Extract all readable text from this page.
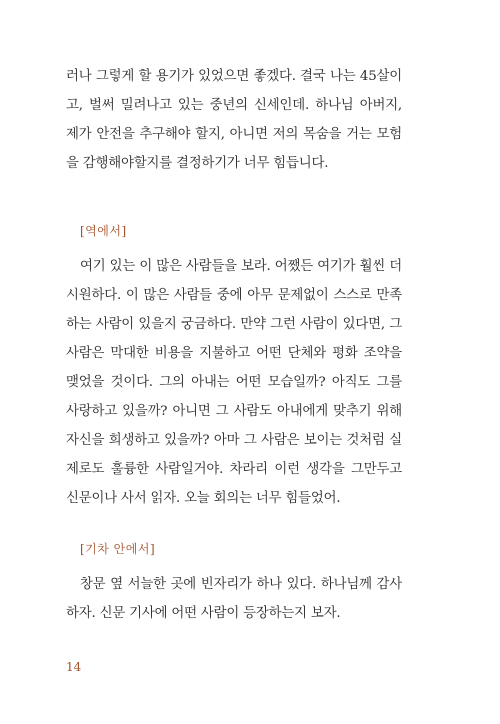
러나 그렇게 할 용기가 있었으면 좋겠다. 결국 나는 45살이고, 벌써 밀려나고 있는 중년의 신세인데. 하나님 아버지, 제가 안전을 추구해야 할지, 아니면 저의 목숨을 거는 모험을 감행해야할지를 결정하기가 너무 힘듭니다.

[역에서]

여기 있는 이 많은 사람들을 보라. 어쨌든 여기가 훨씬 더 시원하다. 이 많은 사람들 중에 아무 문제없이 스스로 만족하는 사람이 있을지 궁금하다. 만약 그런 사람이 있다면, 그 사람은 막대한 비용을 지불하고 어떤 단체와 평화 조약을 맺었을 것이다. 그의 아내는 어떤 모습일까? 아직도 그를 사랑하고 있을까? 아니면 그 사람도 아내에게 맞추기 위해 자신을 희생하고 있을까? 아마 그 사람은 보이는 것처럼 실제로도 훌륭한 사람일거야. 차라리 이런 생각을 그만두고 신문이나 사서 읽자. 오늘 회의는 너무 힘들었어.

[기차 안에서]

창문 옆 서늘한 곳에 빈자리가 하나 있다. 하나님께 감사하자. 신문 기사에 어떤 사람이 등장하는지 보자.

14
